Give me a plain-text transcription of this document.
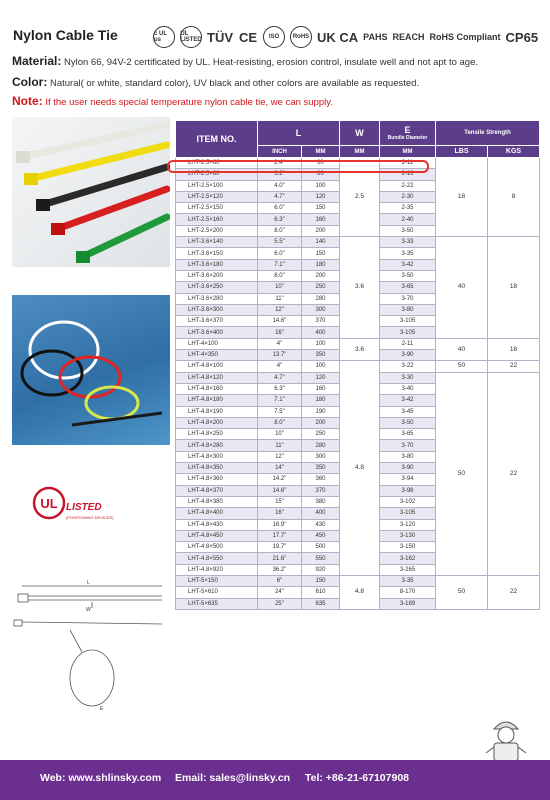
Nylon Cable Tie	c UL us
UL LISTED TÜV CE	ISO	RoHS UK CA PAHS REACH RoHS Compliant CP65
Material: Nylon 66, 94V-2 certificated by UL. Heat-resisting, erosion control, insulate well and not apt to age.
Color: Natural( or white, standard color), UV black and other colors are available as requested.
Note: If the user needs special temperature nylon cable tie, we can supply.
UL LISTED
(POSITIONING DEVICES)
L
W
E
ITEM NO.	L		W	E
Bundle Diameter	Tensile Strength	
	INCH	MM	MM	MM	LBS	KGS
LHT-2.5×60	2.4"	60	2.5	2-11	18	8
LHT-2.5×80	3.2"	80		2-16		
LHT-2.5×100	4.0"	100		2-22		
LHT-2.5×120	4.7"	120		2-30		
LHT-2.5×150	6.0"	150		2-35		
LHT-2.5×160	6.3"	160		2-40		
LHT-2.5×200	8.0"	200		3-50		
LHT-3.6×140	5.5"	140	3.6	3-33	40	18
LHT-3.6×150	6.0"	150		3-35		
LHT-3.6×180	7.1"	180		3-42		
LHT-3.6×200	8.0"	200		3-50		
LHT-3.6×250	10"	250		3-65		
LHT-3.6×280	11"	280		3-70		
LHT-3.6×300	12"	300		3-80		
LHT-3.6×370	14.6"	370		3-105		
LHT-3.6×400	16"	400		3-105		
LHT-4×100	4"	100	3.6	2-11	40	18
LHT-4×350	13.7"	350		3-90		
LHT-4.8×100	4"	100	4.8	3-22	50	22
LHT-4.8×120	4.7"	120		3-30	50	22
LHT-4.8×160	6.3"	160		3-40		
LHT-4.8×180	7.1"	180		3-42		
LHT-4.8×190	7.5"	190		3-45		
LHT-4.8×200	8.0"	200		3-50		
LHT-4.8×250	10"	250		3-65		
LHT-4.8×280	11"	280		3-70		
LHT-4.8×300	12"	300		3-80		
LHT-4.8×350	14"	350		3-90		
LHT-4.8×360	14.2"	360		3-94		
LHT-4.8×370	14.6"	370		3-98		
LHT-4.8×380	15"	380		3-102		
LHT-4.8×400	16"	400		3-105		
LHT-4.8×430	16.9"	430		3-120		
LHT-4.8×450	17.7"	450		3-130		
LHT-4.8×500	19.7"	500		3-150		
LHT-4.8×550	21.6"	550		3-162		
LHT-4.8×920	36.2"	920		3-265		
LHT-5×150	6"	150	4.8	3-35	50	22
LHT-5×610	24"	610		8-170		
LHT-5×635	25"	635		3-189		
Web: www.shlinsky.com Email: sales@linsky.cn Tel: +86-21-67107908
